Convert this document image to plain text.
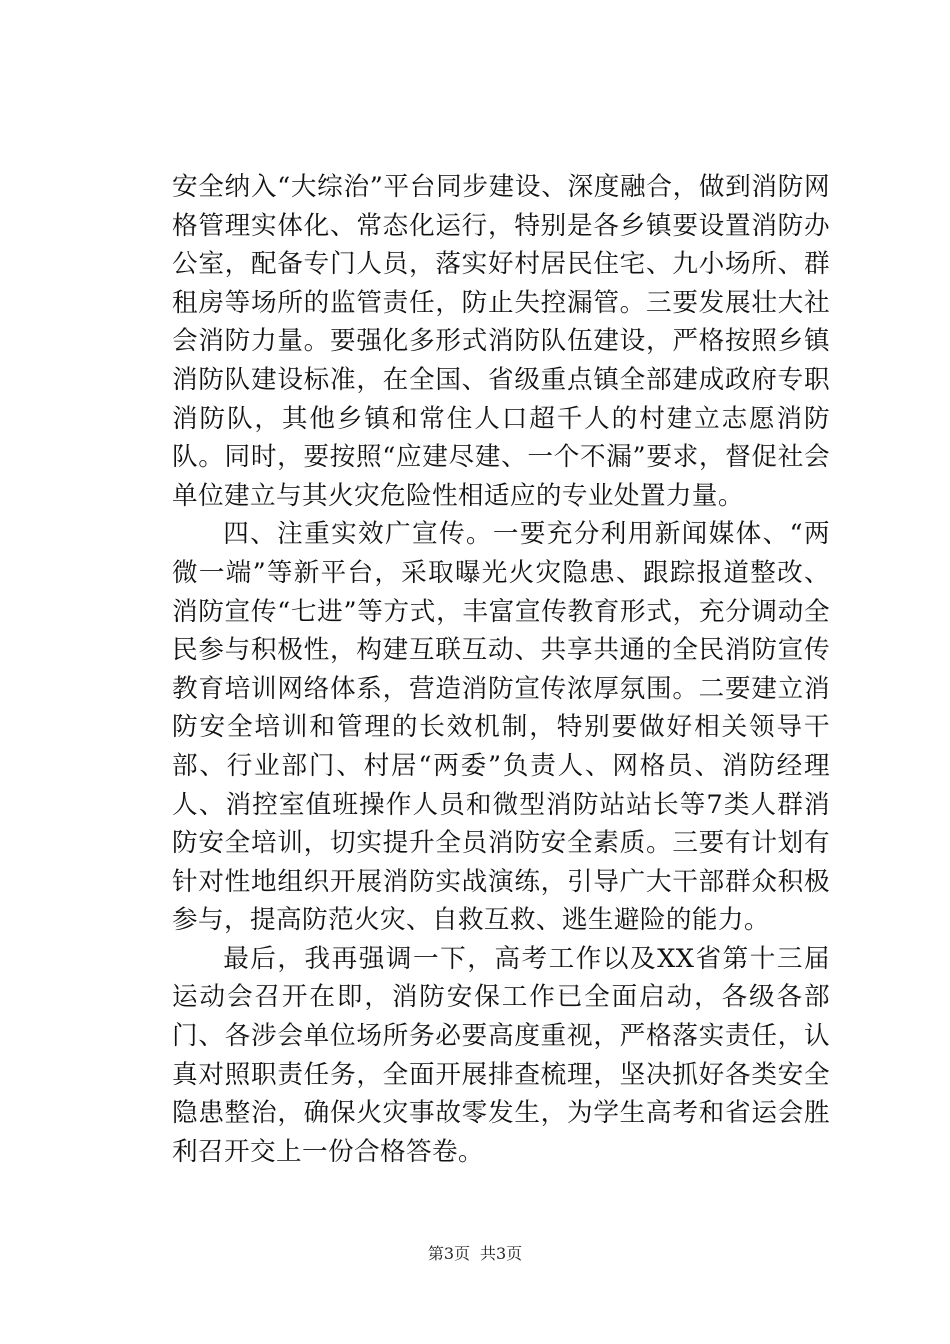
安全纳入“大综治”平台同步建设、深度融合，做到消防网格管理实体化、常态化运行，特别是各乡镇要设置消防办公室，配备专门人员，落实好村居民住宅、九小场所、群租房等场所的监管责任，防止失控漏管。三要发展壮大社会消防力量。要强化多形式消防队伍建设，严格按照乡镇消防队建设标准，在全国、省级重点镇全部建成政府专职消防队，其他乡镇和常住人口超千人的村建立志愿消防队。同时，要按照“应建尽建、一个不漏”要求，督促社会单位建立与其火灾危险性相适应的专业处置力量。

四、注重实效广宣传。一要充分利用新闻媒体、“两微一端”等新平台，采取曝光火灾隐患、跟踪报道整改、消防宣传“七进”等方式，丰富宣传教育形式，充分调动全民参与积极性，构建互联互动、共享共通的全民消防宣传教育培训网络体系，营造消防宣传浓厚氛围。二要建立消防安全培训和管理的长效机制，特别要做好相关领导干部、行业部门、村居“两委”负责人、网格员、消防经理人、消控室值班操作人员和微型消防站站长等7类人群消防安全培训，切实提升全员消防安全素质。三要有计划有针对性地组织开展消防实战演练，引导广大干部群众积极参与，提高防范火灾、自救互救、逃生避险的能力。

最后，我再强调一下，高考工作以及XX省第十三届运动会召开在即，消防安保工作已全面启动，各级各部门、各涉会单位场所务必要高度重视，严格落实责任，认真对照职责任务，全面开展排查梳理，坚决抓好各类安全隐患整治，确保火灾事故零发生，为学生高考和省运会胜利召开交上一份合格答卷。

第3页 共3页
